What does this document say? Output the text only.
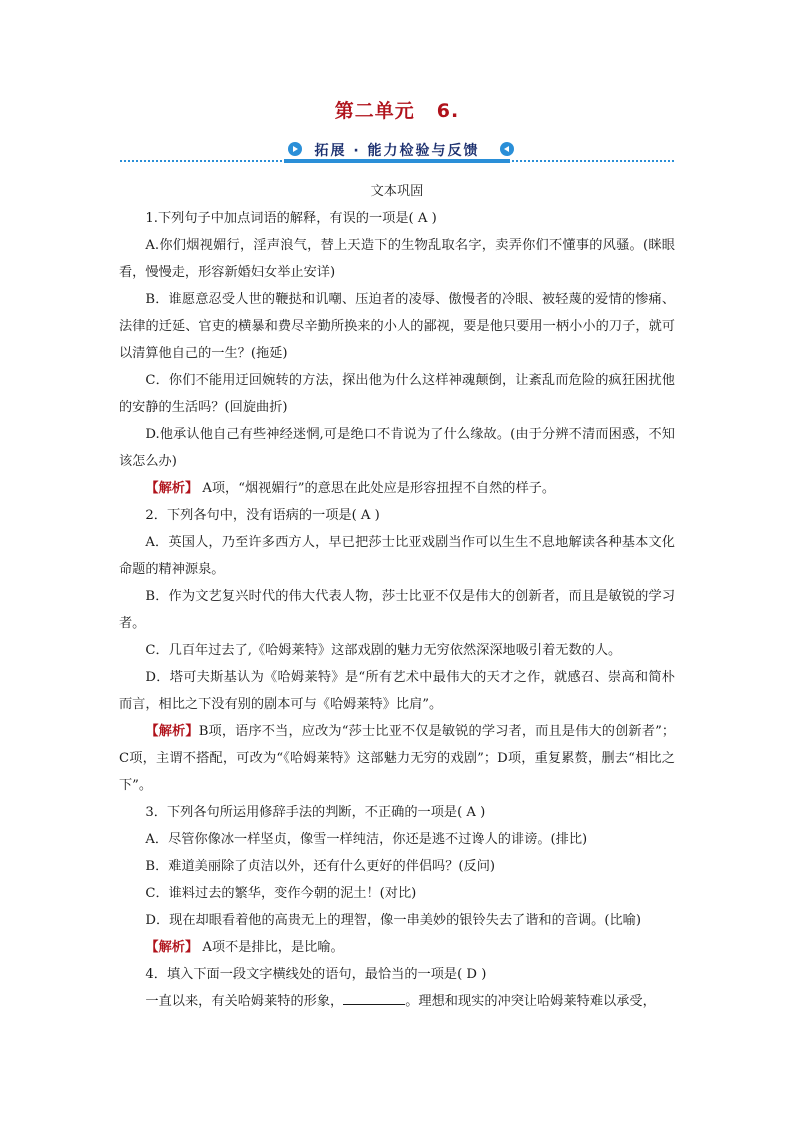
第二单元 6.
拓展 · 能力检验与反馈

文本巩固

1.下列句子中加点词语的解释，有误的一项是( A )

A.你们烟视媚行，淫声浪气，替上天造下的生物乱取名字，卖弄你们不懂事的风骚。(眯眼看，慢慢走，形容新婚妇女举止安详)

B．谁愿意忍受人世的鞭挞和讥嘲、压迫者的凌辱、傲慢者的冷眼、被轻蔑的爱情的惨痛、法律的迁延、官吏的横暴和费尽辛勤所换来的小人的鄙视，要是他只要用一柄小小的刀子，就可以清算他自己的一生？(拖延)

C．你们不能用迂回婉转的方法，探出他为什么这样神魂颠倒，让紊乱而危险的疯狂困扰他的安静的生活吗？(回旋曲折)

D.他承认他自己有些神经迷惘,可是绝口不肯说为了什么缘故。(由于分辨不清而困惑，不知该怎么办)

【解析】 A项，“烟视媚行”的意思在此处应是形容扭捏不自然的样子。

2．下列各句中，没有语病的一项是( A )

A．英国人，乃至许多西方人，早已把莎士比亚戏剧当作可以生生不息地解读各种基本文化命题的精神源泉。

B．作为文艺复兴时代的伟大代表人物，莎士比亚不仅是伟大的创新者，而且是敏锐的学习者。

C．几百年过去了,《哈姆莱特》这部戏剧的魅力无穷依然深深地吸引着无数的人。

D．塔可夫斯基认为《哈姆莱特》是“所有艺术中最伟大的天才之作，就感召、崇高和简朴而言，相比之下没有别的剧本可与《哈姆莱特》比肩”。

【解析】B项，语序不当，应改为“莎士比亚不仅是敏锐的学习者，而且是伟大的创新者”；C项，主谓不搭配，可改为“《哈姆莱特》这部魅力无穷的戏剧”；D项，重复累赘，删去“相比之下”。

3．下列各句所运用修辞手法的判断，不正确的一项是( A )

A．尽管你像冰一样坚贞，像雪一样纯洁，你还是逃不过谗人的诽谤。(排比)

B．难道美丽除了贞洁以外，还有什么更好的伴侣吗？(反问)

C．谁料过去的繁华，变作今朝的泥土！(对比)

D．现在却眼看着他的高贵无上的理智，像一串美妙的银铃失去了谐和的音调。(比喻)

【解析】 A项不是排比，是比喻。

4．填入下面一段文字横线处的语句，最恰当的一项是( D )

一直以来，有关哈姆莱特的形象，	。理想和现实的冲突让哈姆莱特难以承受，
